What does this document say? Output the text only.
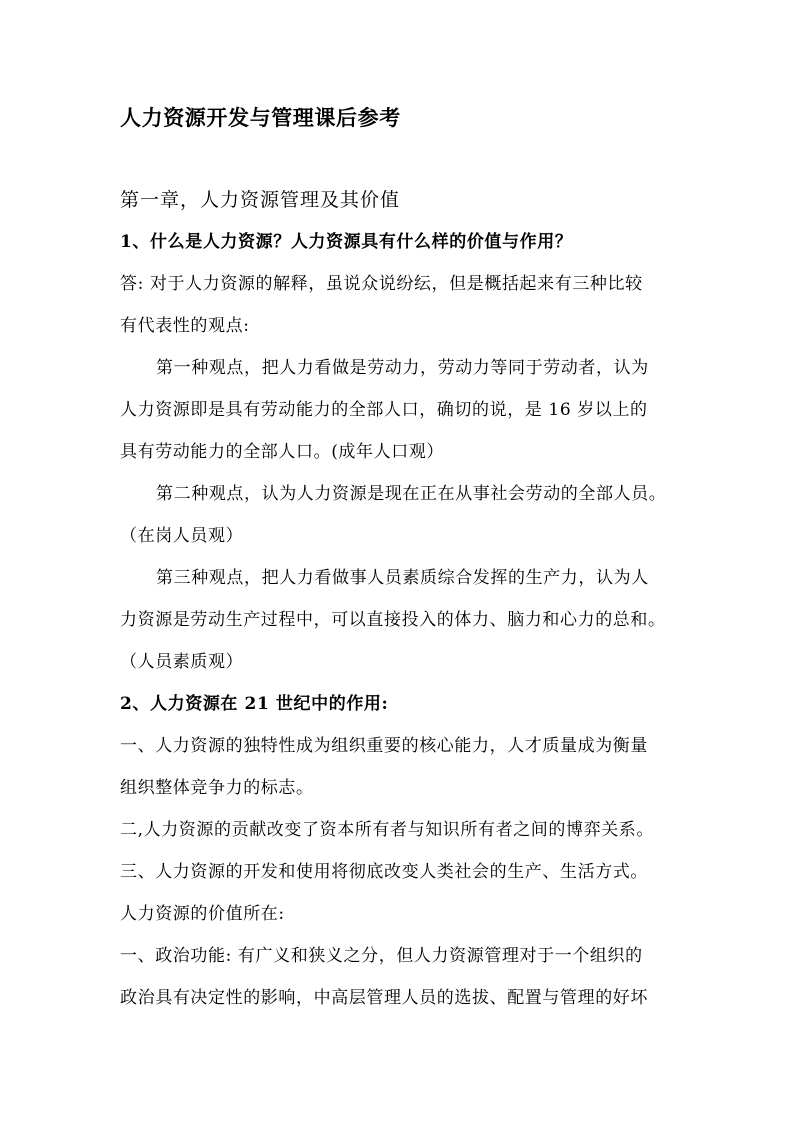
人力资源开发与管理课后参考
第一章，人力资源管理及其价值
1、什么是人力资源？人力资源具有什么样的价值与作用？
答: 对于人力资源的解释，虽说众说纷纭，但是概括起来有三种比较
有代表性的观点:
第一种观点，把人力看做是劳动力，劳动力等同于劳动者，认为
人力资源即是具有劳动能力的全部人口，确切的说，是 16 岁以上的
具有劳动能力的全部人口。(成年人口观）
第二种观点，认为人力资源是现在正在从事社会劳动的全部人员。
（在岗人员观）
第三种观点，把人力看做事人员素质综合发挥的生产力，认为人
力资源是劳动生产过程中，可以直接投入的体力、脑力和心力的总和。
（人员素质观）
2、人力资源在 21 世纪中的作用:
一、人力资源的独特性成为组织重要的核心能力，人才质量成为衡量
组织整体竞争力的标志。
二,人力资源的贡献改变了资本所有者与知识所有者之间的博弈关系。
三、人力资源的开发和使用将彻底改变人类社会的生产、生活方式。
人力资源的价值所在:
一、政治功能: 有广义和狭义之分，但人力资源管理对于一个组织的
政治具有决定性的影响，中高层管理人员的选拔、配置与管理的好坏
